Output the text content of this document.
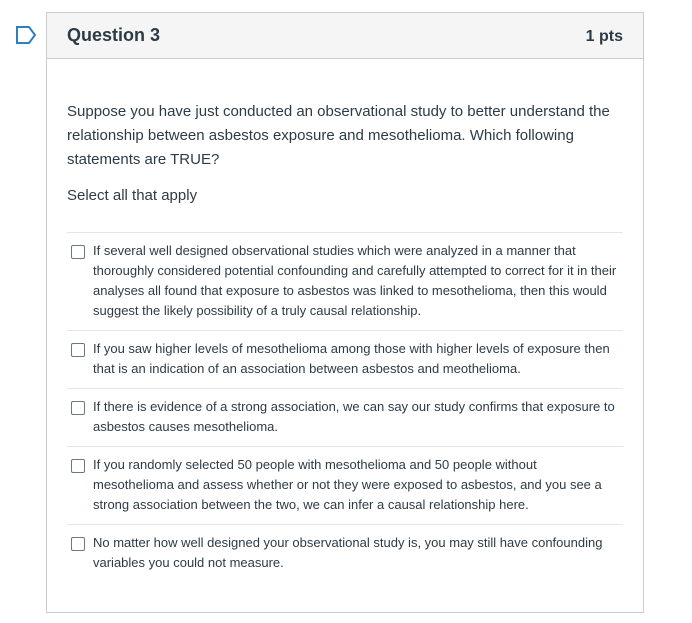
Question 3	1 pts

Suppose you have just conducted an observational study to better understand the relationship between asbestos exposure and mesothelioma. Which following statements are TRUE?

Select all that apply

If several well designed observational studies which were analyzed in a manner that thoroughly considered potential confounding and carefully attempted to correct for it in their analyses all found that exposure to asbestos was linked to mesothelioma, then this would suggest the likely possibility of a truly causal relationship.
If you saw higher levels of mesothelioma among those with higher levels of exposure then that is an indication of an association between asbestos and meothelioma.
If there is evidence of a strong association, we can say our study confirms that exposure to asbestos causes mesothelioma.
If you randomly selected 50 people with mesothelioma and 50 people without mesothelioma and assess whether or not they were exposed to asbestos, and you see a strong association between the two, we can infer a causal relationship here.
No matter how well designed your observational study is, you may still have confounding variables you could not measure.
